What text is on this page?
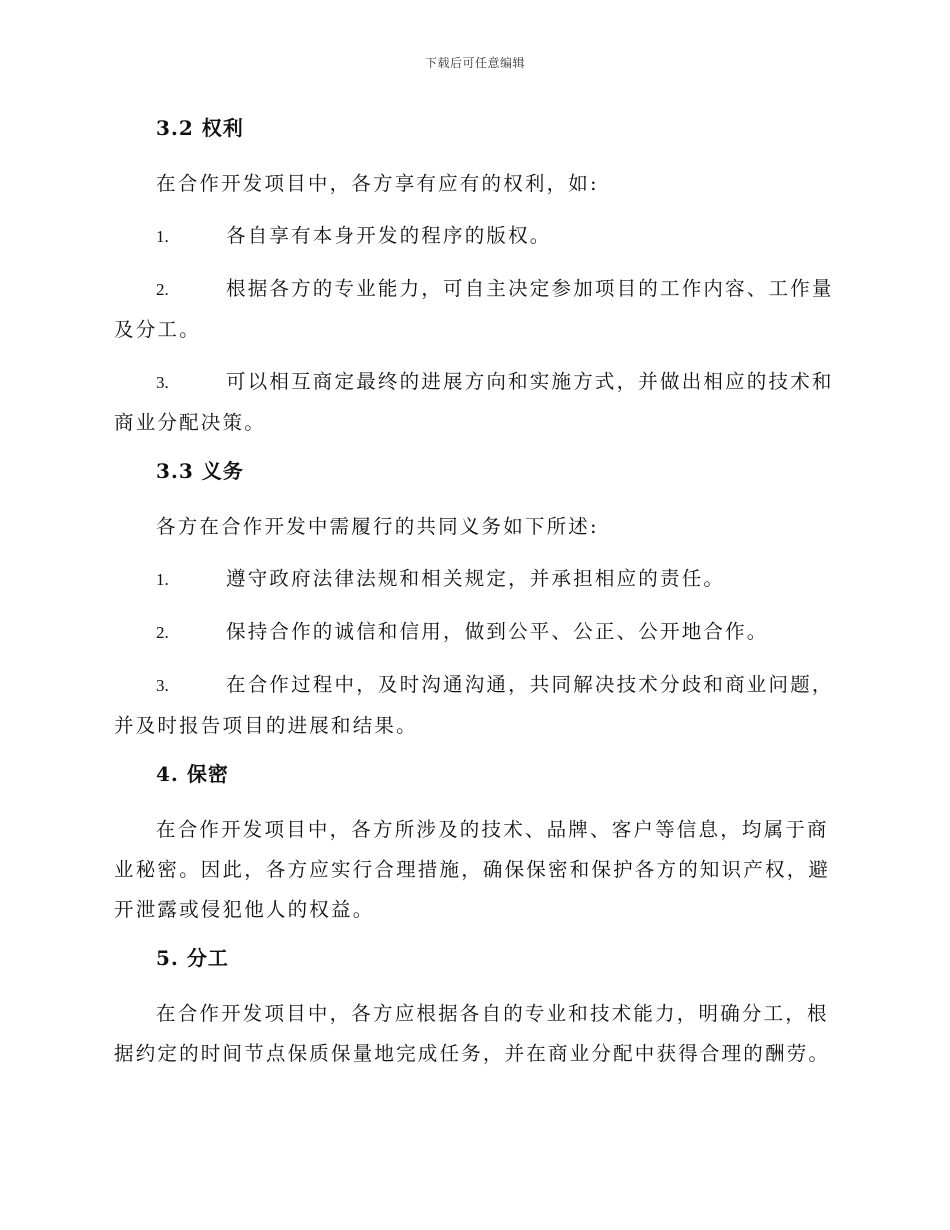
下载后可任意编辑
3.2 权利

在合作开发项目中，各方享有应有的权利，如:

1.	各自享有本身开发的程序的版权。

2.	根据各方的专业能力，可自主决定参加项目的工作内容、工作量及分工。

3.	可以相互商定最终的进展方向和实施方式，并做出相应的技术和商业分配决策。

3.3 义务

各方在合作开发中需履行的共同义务如下所述:

1.	遵守政府法律法规和相关规定，并承担相应的责任。

2.	保持合作的诚信和信用，做到公平、公正、公开地合作。

3.	在合作过程中，及时沟通沟通，共同解决技术分歧和商业问题，并及时报告项目的进展和结果。

4. 保密

在合作开发项目中，各方所涉及的技术、品牌、客户等信息，均属于商业秘密。因此，各方应实行合理措施，确保保密和保护各方的知识产权，避开泄露或侵犯他人的权益。

5. 分工

在合作开发项目中，各方应根据各自的专业和技术能力，明确分工，根据约定的时间节点保质保量地完成任务，并在商业分配中获得合理的酬劳。
